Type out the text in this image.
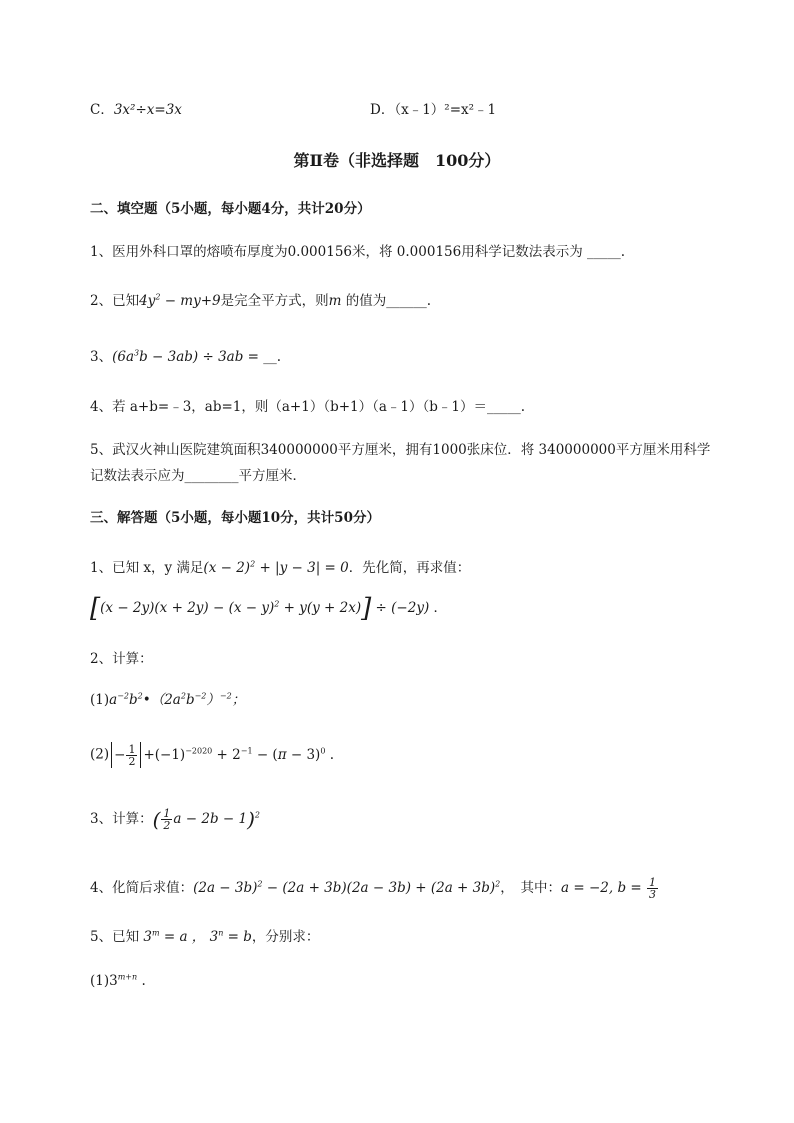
C．3x²÷x=3x	D．（x﹣1）²=x²﹣1
第Ⅱ卷（非选择题　100分）
二、填空题（5小题，每小题4分，共计20分）
1、医用外科口罩的熔喷布厚度为0.000156米，将 0.000156用科学记数法表示为 _____.
2、已知$4y^2 - my+9$是完全平方式，则m 的值为______.
3、$(6a^3b - 3ab) \div 3ab$ = __.
4、若 a+b=﹣3，ab=1，则（a+1）（b+1）（a﹣1）（b﹣1）＝_____.
5、武汉火神山医院建筑面积340000000平方厘米，拥有1000张床位．将 340000000平方厘米用科学
记数法表示应为________平方厘米．
三、解答题（5小题，每小题10分，共计50分）
1、已知 x，y 满足$(x - 2)^2 + |y - 3| = 0$．先化简，再求值：
$[(x - 2y)(x + 2y) - (x - y)^2 + y(y + 2x)] \div (-2y)$ ．
2、计算：
$(1)a^{-2}b^2•(2a^2b^{-2})^{-2}$；
$(2) - \frac{1}{2} +(-1)^{-2020} + 2^{-1} - (\pi - 3)^0$ .
3、计算：( $\frac{1}{2}$ a − 2b − 1)$^2$
4、化简后求值：$(2a - 3b)^2 - (2a + 3b)(2a - 3b) + (2a + 3b)^2$，　其中：a = −2, $b = \frac{1}{3}$
5、已知 $3^m = a$ ， $3^n = b$，分别求：
$(1)3^{m+n}$ .
